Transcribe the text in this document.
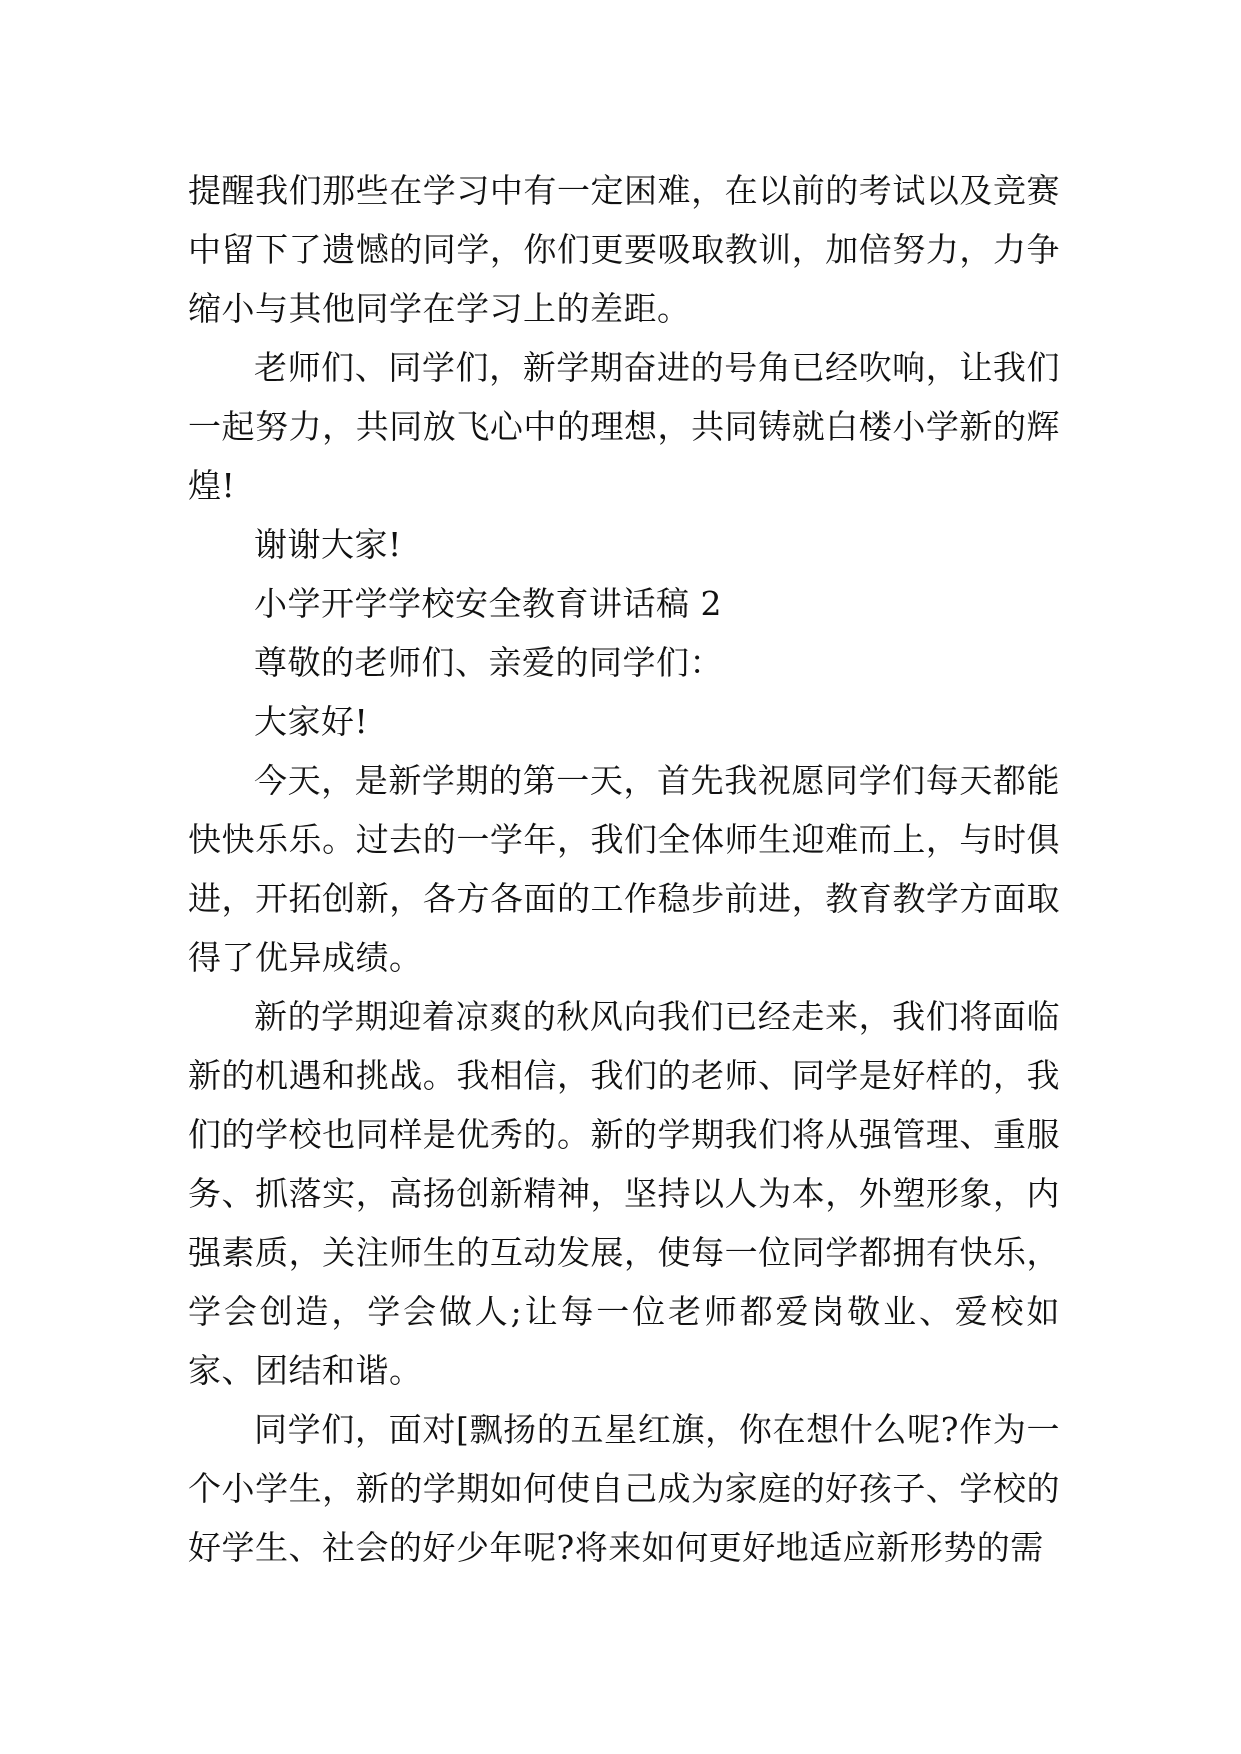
提醒我们那些在学习中有一定困难，在以前的考试以及竞赛中留下了遗憾的同学，你们更要吸取教训，加倍努力，力争缩小与其他同学在学习上的差距。

老师们、同学们，新学期奋进的号角已经吹响，让我们一起努力，共同放飞心中的理想，共同铸就白楼小学新的辉煌!

谢谢大家!

小学开学学校安全教育讲话稿 2

尊敬的老师们、亲爱的同学们：

大家好!

今天，是新学期的第一天，首先我祝愿同学们每天都能快快乐乐。过去的一学年，我们全体师生迎难而上，与时俱进，开拓创新，各方各面的工作稳步前进，教育教学方面取得了优异成绩。

新的学期迎着凉爽的秋风向我们已经走来，我们将面临新的机遇和挑战。我相信，我们的老师、同学是好样的，我们的学校也同样是优秀的。新的学期我们将从强管理、重服务、抓落实，高扬创新精神，坚持以人为本，外塑形象，内强素质，关注师生的互动发展，使每一位同学都拥有快乐，学会创造，学会做人;让每一位老师都爱岗敬业、爱校如家、团结和谐。

同学们，面对[飘扬的五星红旗，你在想什么呢?作为一个小学生，新的学期如何使自己成为家庭的好孩子、学校的好学生、社会的好少年呢?将来如何更好地适应新形势的需
